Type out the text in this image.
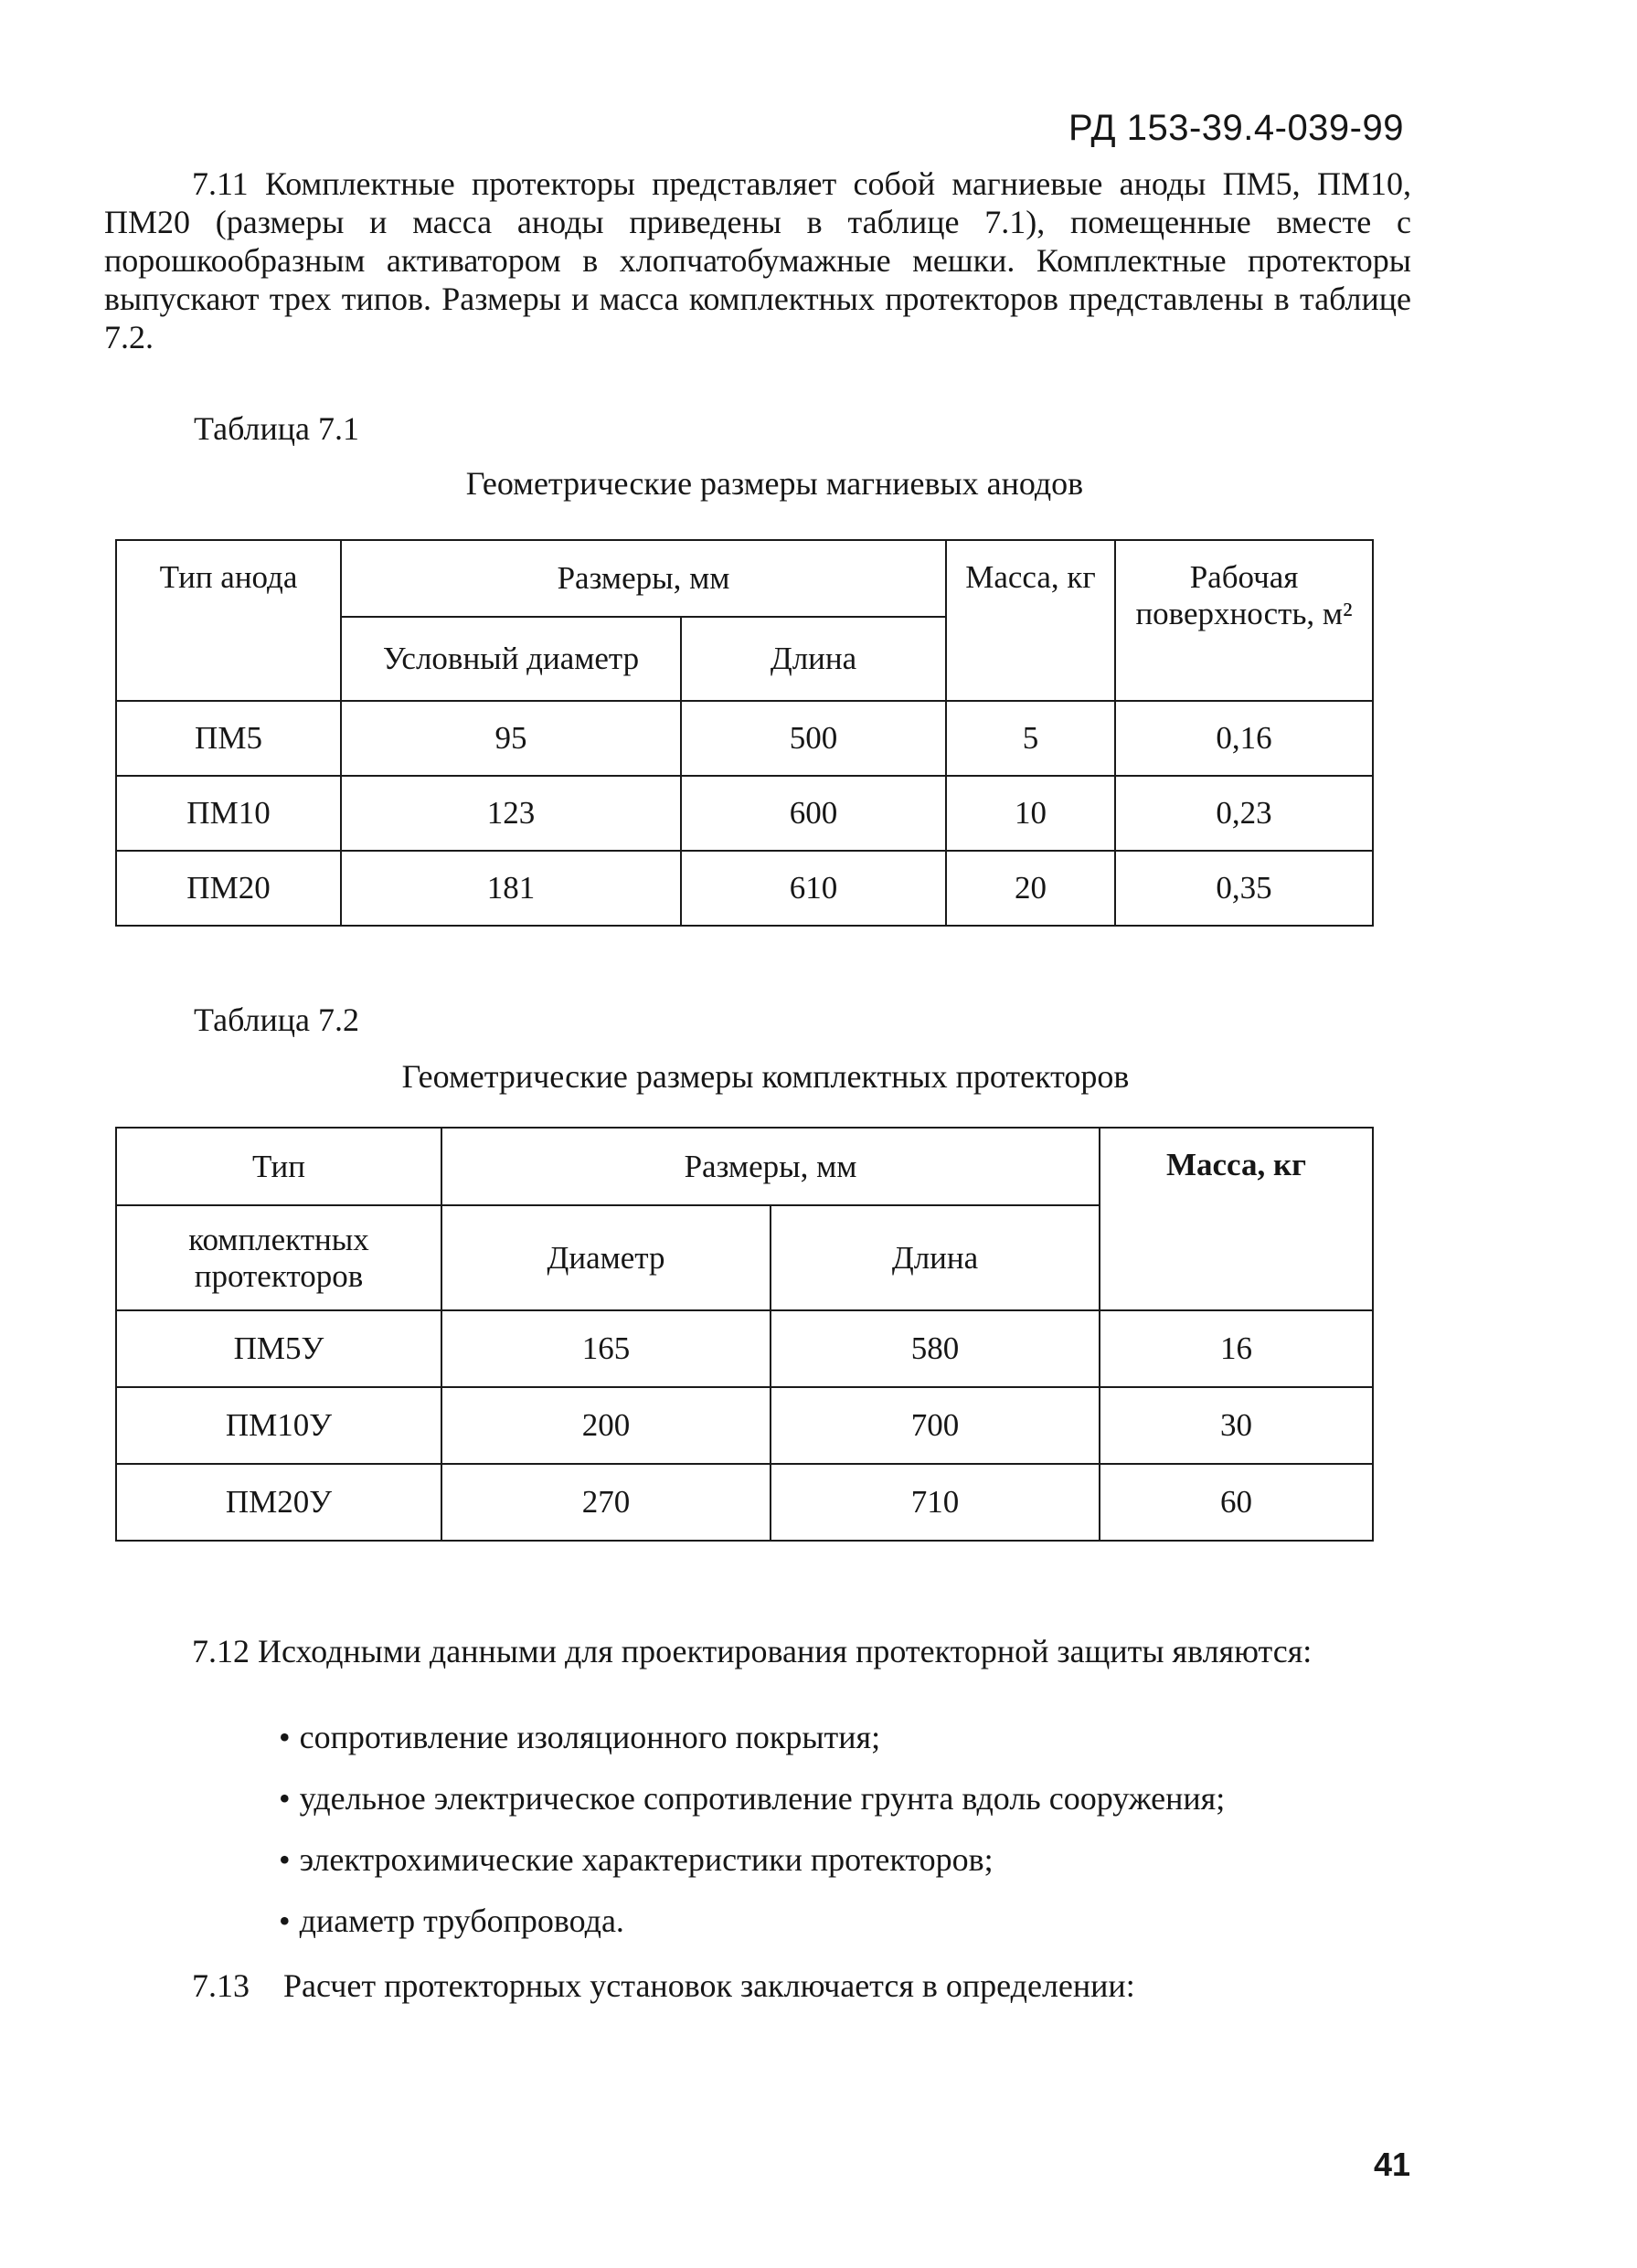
РД 153-39.4-039-99
7.11 Комплектные протекторы представляет собой магниевые аноды ПМ5, ПМ10, ПМ20 (размеры и масса аноды приведены в таблице 7.1), помещенные вместе с порошкообразным активатором в хлопчатобумажные мешки. Комплектные протекторы выпускают трех типов. Размеры и масса комплектных протекторов представлены в таблице 7.2.
Таблица 7.1
Геометрические размеры магниевых анодов
Тип анода	Размеры, мм		Масса, кг	Рабочая поверхность, м²
	Условный диаметр	Длина		
ПМ5	95	500	5	0,16
ПМ10	123	600	10	0,23
ПМ20	181	610	20	0,35
Таблица 7.2
Геометрические размеры комплектных протекторов
Тип	Размеры, мм		Масса, кг
комплектных протекторов	Диаметр	Длина	
ПМ5У	165	580	16
ПМ10У	200	700	30
ПМ20У	270	710	60
7.12 Исходными данными для проектирования протекторной защиты являются:
• сопротивление изоляционного покрытия;
• удельное электрическое сопротивление грунта вдоль сооружения;
• электрохимические характеристики протекторов;
• диаметр трубопровода.
7.13 Расчет протекторных установок заключается в определении:
41
